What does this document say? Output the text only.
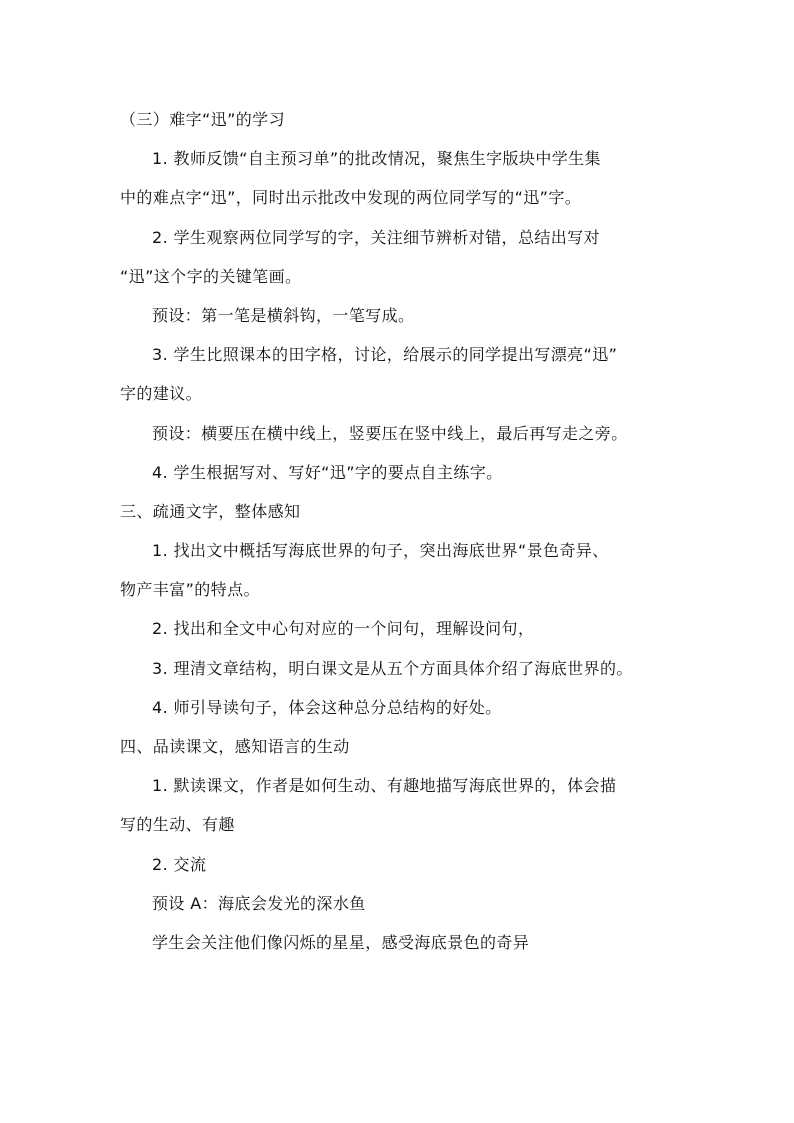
（三）难字“迅”的学习
1. 教师反馈“自主预习单”的批改情况，聚焦生字版块中学生集
中的难点字“迅”，同时出示批改中发现的两位同学写的“迅”字。
2. 学生观察两位同学写的字，关注细节辨析对错，总结出写对
“迅”这个字的关键笔画。
预设：第一笔是横斜钩，一笔写成。
3. 学生比照课本的田字格，讨论，给展示的同学提出写漂亮“迅”
字的建议。
预设：横要压在横中线上，竖要压在竖中线上，最后再写走之旁。
4. 学生根据写对、写好“迅”字的要点自主练字。
三、疏通文字，整体感知
1. 找出文中概括写海底世界的句子，突出海底世界“景色奇异、
物产丰富”的特点。
2. 找出和全文中心句对应的一个问句，理解设问句，
3. 理清文章结构，明白课文是从五个方面具体介绍了海底世界的。
4. 师引导读句子，体会这种总分总结构的好处。
四、品读课文，感知语言的生动
1. 默读课文，作者是如何生动、有趣地描写海底世界的，体会描
写的生动、有趣
2. 交流
预设 A：海底会发光的深水鱼
学生会关注他们像闪烁的星星，感受海底景色的奇异
